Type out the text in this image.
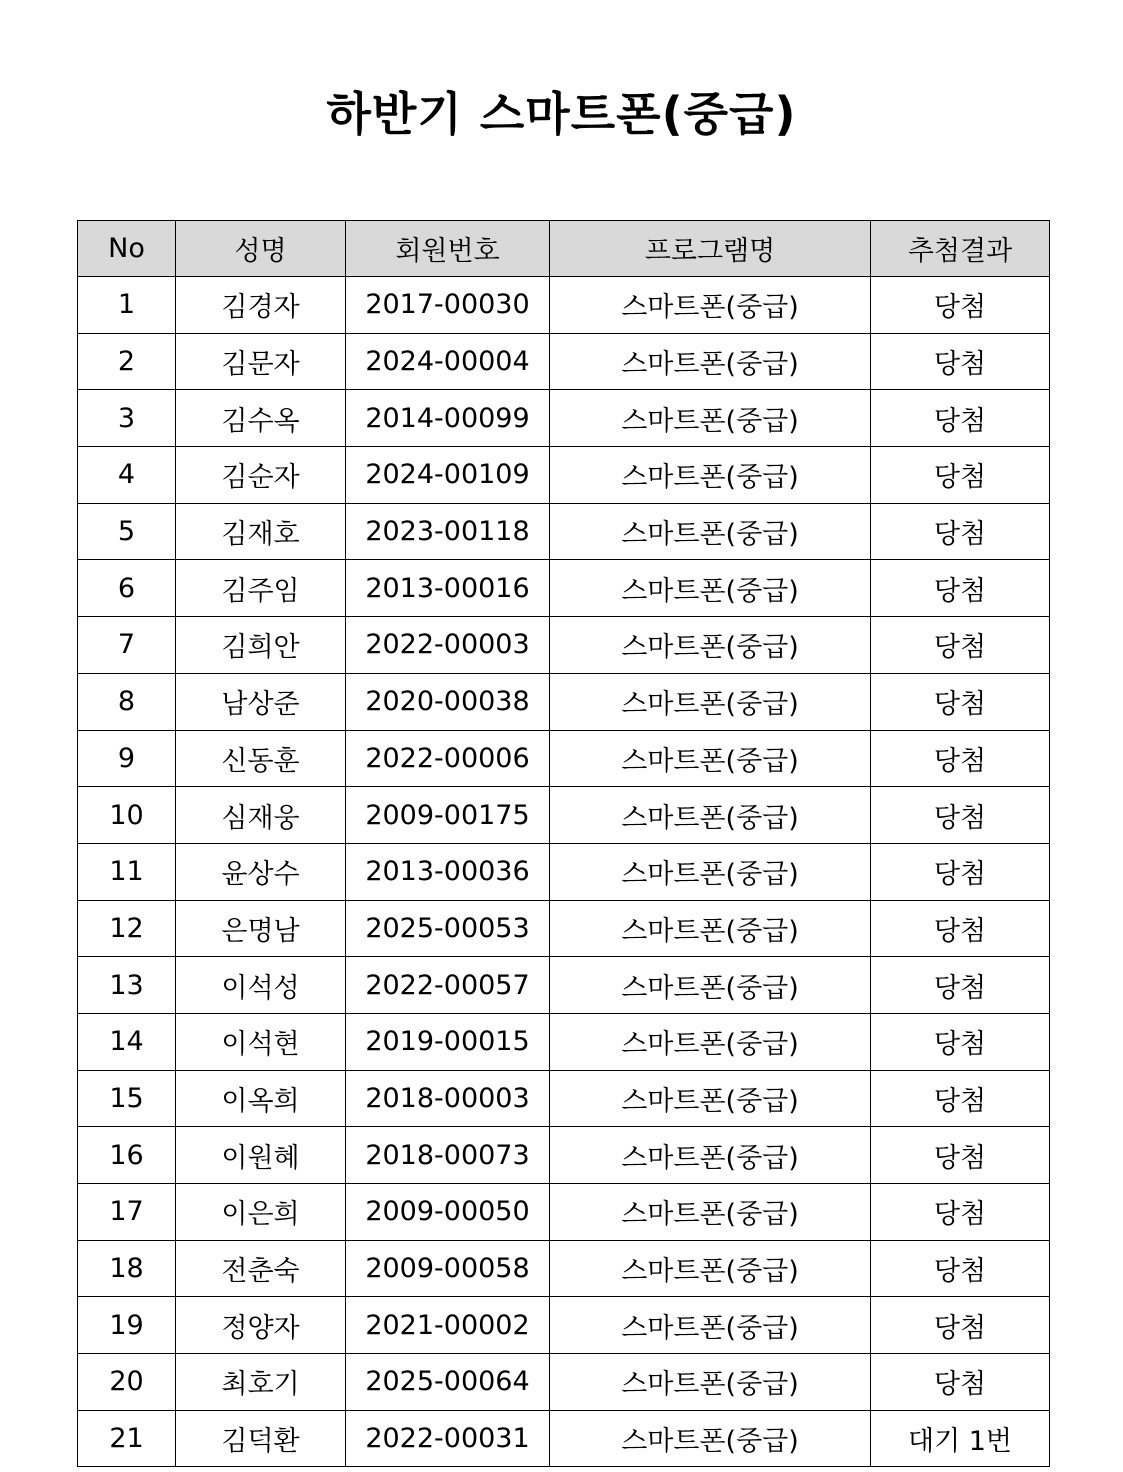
하반기 스마트폰(중급)
No	성명	회원번호	프로그램명	추첨결과
1	김경자	2017-00030	스마트폰(중급)	당첨
2	김문자	2024-00004	스마트폰(중급)	당첨
3	김수옥	2014-00099	스마트폰(중급)	당첨
4	김순자	2024-00109	스마트폰(중급)	당첨
5	김재호	2023-00118	스마트폰(중급)	당첨
6	김주임	2013-00016	스마트폰(중급)	당첨
7	김희안	2022-00003	스마트폰(중급)	당첨
8	남상준	2020-00038	스마트폰(중급)	당첨
9	신동훈	2022-00006	스마트폰(중급)	당첨
10	심재웅	2009-00175	스마트폰(중급)	당첨
11	윤상수	2013-00036	스마트폰(중급)	당첨
12	은명남	2025-00053	스마트폰(중급)	당첨
13	이석성	2022-00057	스마트폰(중급)	당첨
14	이석현	2019-00015	스마트폰(중급)	당첨
15	이옥희	2018-00003	스마트폰(중급)	당첨
16	이원혜	2018-00073	스마트폰(중급)	당첨
17	이은희	2009-00050	스마트폰(중급)	당첨
18	전춘숙	2009-00058	스마트폰(중급)	당첨
19	정양자	2021-00002	스마트폰(중급)	당첨
20	최호기	2025-00064	스마트폰(중급)	당첨
21	김덕환	2022-00031	스마트폰(중급)	대기 1번
